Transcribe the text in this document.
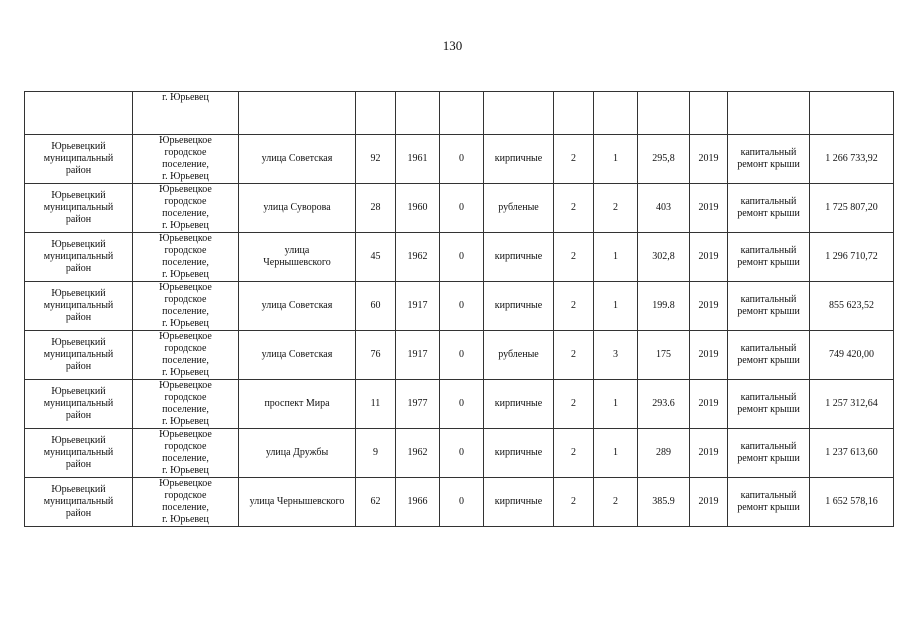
130
	г. Юрьевец											
Юрьевецкий
муниципальный
район	Юрьевецкое
городское
поселение,
г. Юрьевец	улица Советская	92	1961	0	кирпичные	2	1	295,8	2019	капитальный
ремонт крыши	1 266 733,92
Юрьевецкий
муниципальный
район	Юрьевецкое
городское
поселение,
г. Юрьевец	улица Суворова	28	1960	0	рубленые	2	2	403	2019	капитальный
ремонт крыши	1 725 807,20
Юрьевецкий
муниципальный
район	Юрьевецкое
городское
поселение,
г. Юрьевец	улица
Чернышевского	45	1962	0	кирпичные	2	1	302,8	2019	капитальный
ремонт крыши	1 296 710,72
Юрьевецкий
муниципальный
район	Юрьевецкое
городское
поселение,
г. Юрьевец	улица Советская	60	1917	0	кирпичные	2	1	199.8	2019	капитальный
ремонт крыши	855 623,52
Юрьевецкий
муниципальный
район	Юрьевецкое
городское
поселение,
г. Юрьевец	улица Советская	76	1917	0	рубленые	2	3	175	2019	капитальный
ремонт крыши	749 420,00
Юрьевецкий
муниципальный
район	Юрьевецкое
городское
поселение,
г. Юрьевец	проспект Мира	11	1977	0	кирпичные	2	1	293.6	2019	капитальный
ремонт крыши	1 257 312,64
Юрьевецкий
муниципальный
район	Юрьевецкое
городское
поселение,
г. Юрьевец	улица Дружбы	9	1962	0	кирпичные	2	1	289	2019	капитальный
ремонт крыши	1 237 613,60
Юрьевецкий
муниципальный
район	Юрьевецкое
городское
поселение,
г. Юрьевец	улица Чернышевского	62	1966	0	кирпичные	2	2	385.9	2019	капитальный
ремонт крыши	1 652 578,16
